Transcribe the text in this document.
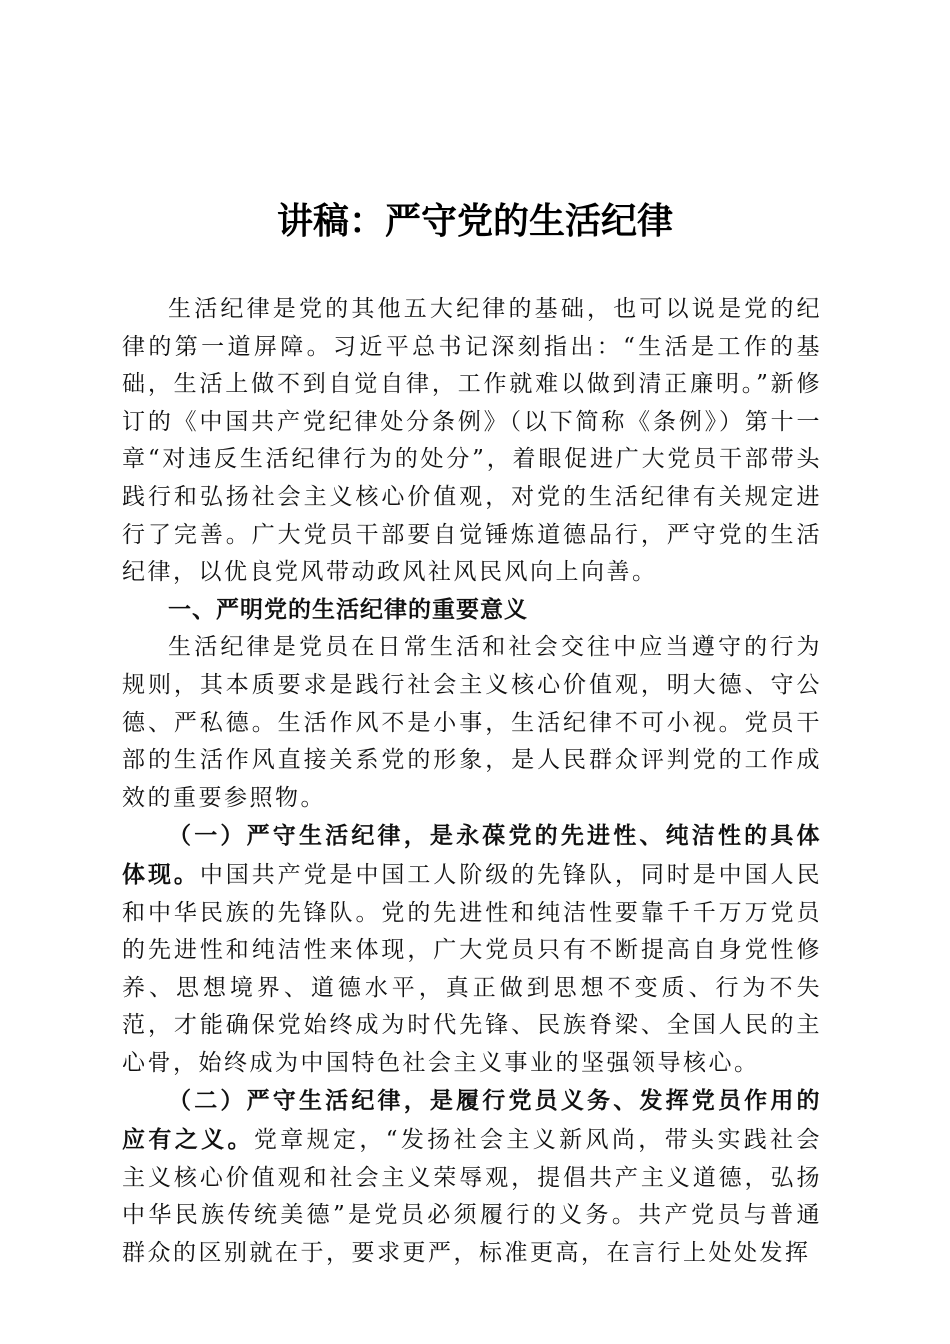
讲稿：严守党的生活纪律

生活纪律是党的其他五大纪律的基础，也可以说是党的纪律的第一道屏障。习近平总书记深刻指出：“生活是工作的基础，生活上做不到自觉自律，工作就难以做到清正廉明。”新修订的《中国共产党纪律处分条例》（以下简称《条例》）第十一章“对违反生活纪律行为的处分”，着眼促进广大党员干部带头践行和弘扬社会主义核心价值观，对党的生活纪律有关规定进行了完善。广大党员干部要自觉锤炼道德品行，严守党的生活纪律，以优良党风带动政风社风民风向上向善。

一、严明党的生活纪律的重要意义

生活纪律是党员在日常生活和社会交往中应当遵守的行为规则，其本质要求是践行社会主义核心价值观，明大德、守公德、严私德。生活作风不是小事，生活纪律不可小视。党员干部的生活作风直接关系党的形象，是人民群众评判党的工作成效的重要参照物。

（一）严守生活纪律，是永葆党的先进性、纯洁性的具体体现。中国共产党是中国工人阶级的先锋队，同时是中国人民和中华民族的先锋队。党的先进性和纯洁性要靠千千万万党员的先进性和纯洁性来体现，广大党员只有不断提高自身党性修养、思想境界、道德水平，真正做到思想不变质、行为不失范，才能确保党始终成为时代先锋、民族脊梁、全国人民的主心骨，始终成为中国特色社会主义事业的坚强领导核心。

（二）严守生活纪律，是履行党员义务、发挥党员作用的应有之义。党章规定，“发扬社会主义新风尚，带头实践社会主义核心价值观和社会主义荣辱观，提倡共产主义道德，弘扬中华民族传统美德”是党员必须履行的义务。共产党员与普通群众的区别就在于，要求更严，标准更高，在言行上处处发挥
